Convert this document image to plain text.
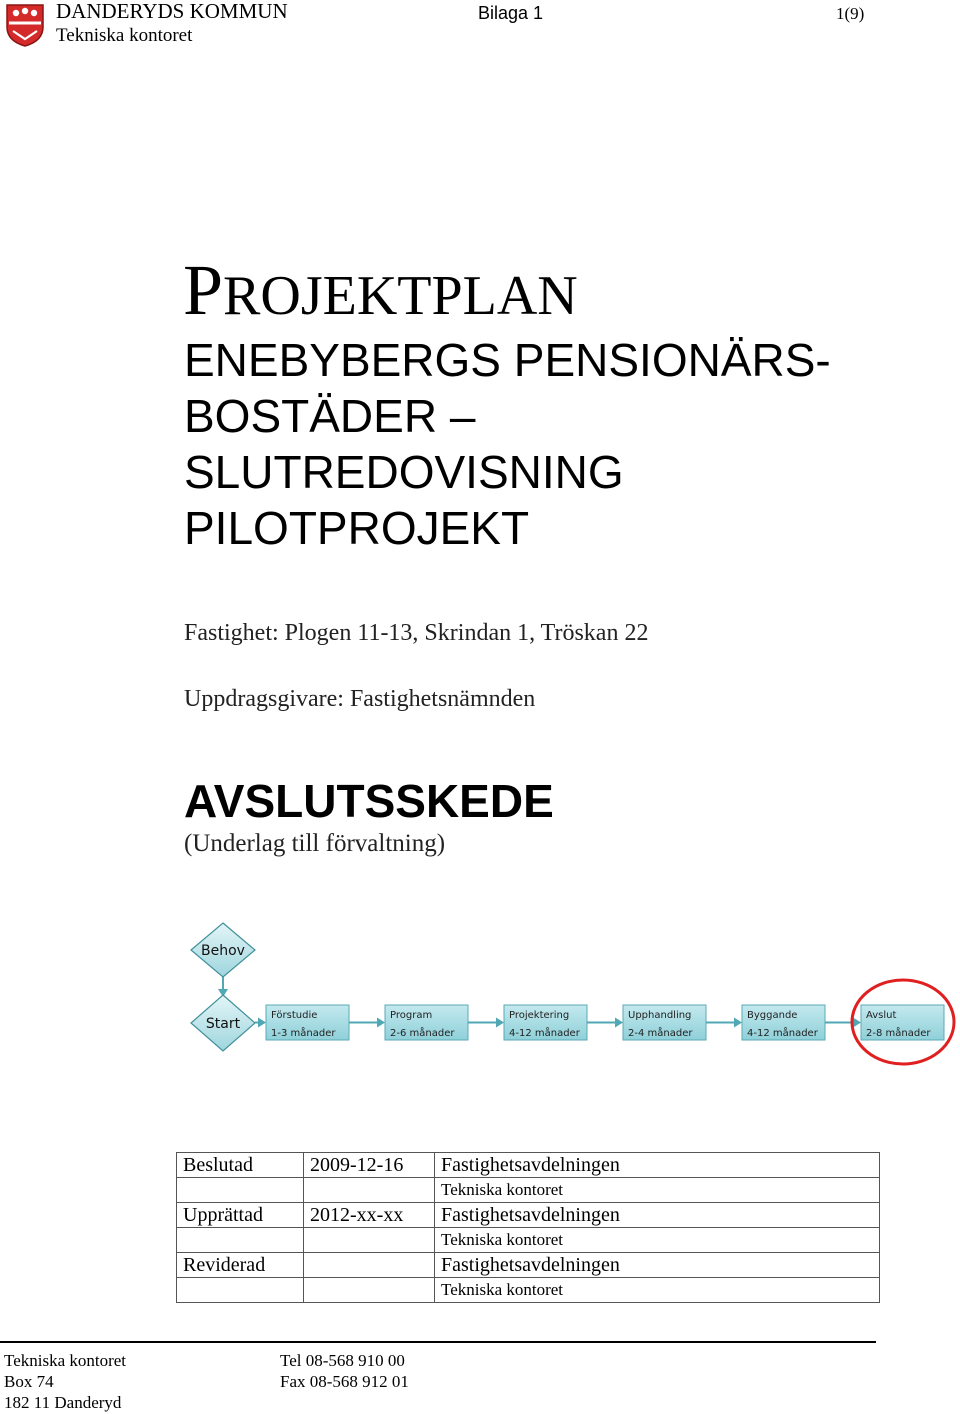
DANDERYDS KOMMUN
Tekniska kontoret
Bilaga 1	1(9)
PROJEKTPLAN
ENEBYBERGS PENSIONÄRS-
BOSTÄDER –
SLUTREDOVISNING
PILOTPROJEKT
Fastighet: Plogen 11-13, Skrindan 1, Tröskan 22
Uppdragsgivare: Fastighetsnämnden
AVSLUTSSKEDE
(Underlag till förvaltning)
Behov
Start
Förstudie
1-3 månader
Program
2-6 månader
Projektering
4-12 månader
Upphandling
2-4 månader
Byggande
4-12 månader
Avslut
2-8 månader
Beslutad	2009-12-16	Fastighetsavdelningen
		Tekniska kontoret
Upprättad	2012-xx-xx	Fastighetsavdelningen
		Tekniska kontoret
Reviderad		Fastighetsavdelningen
		Tekniska kontoret
Tekniska kontoret
Box 74
182 11 Danderyd
Tel 08-568 910 00
Fax 08-568 912 01
